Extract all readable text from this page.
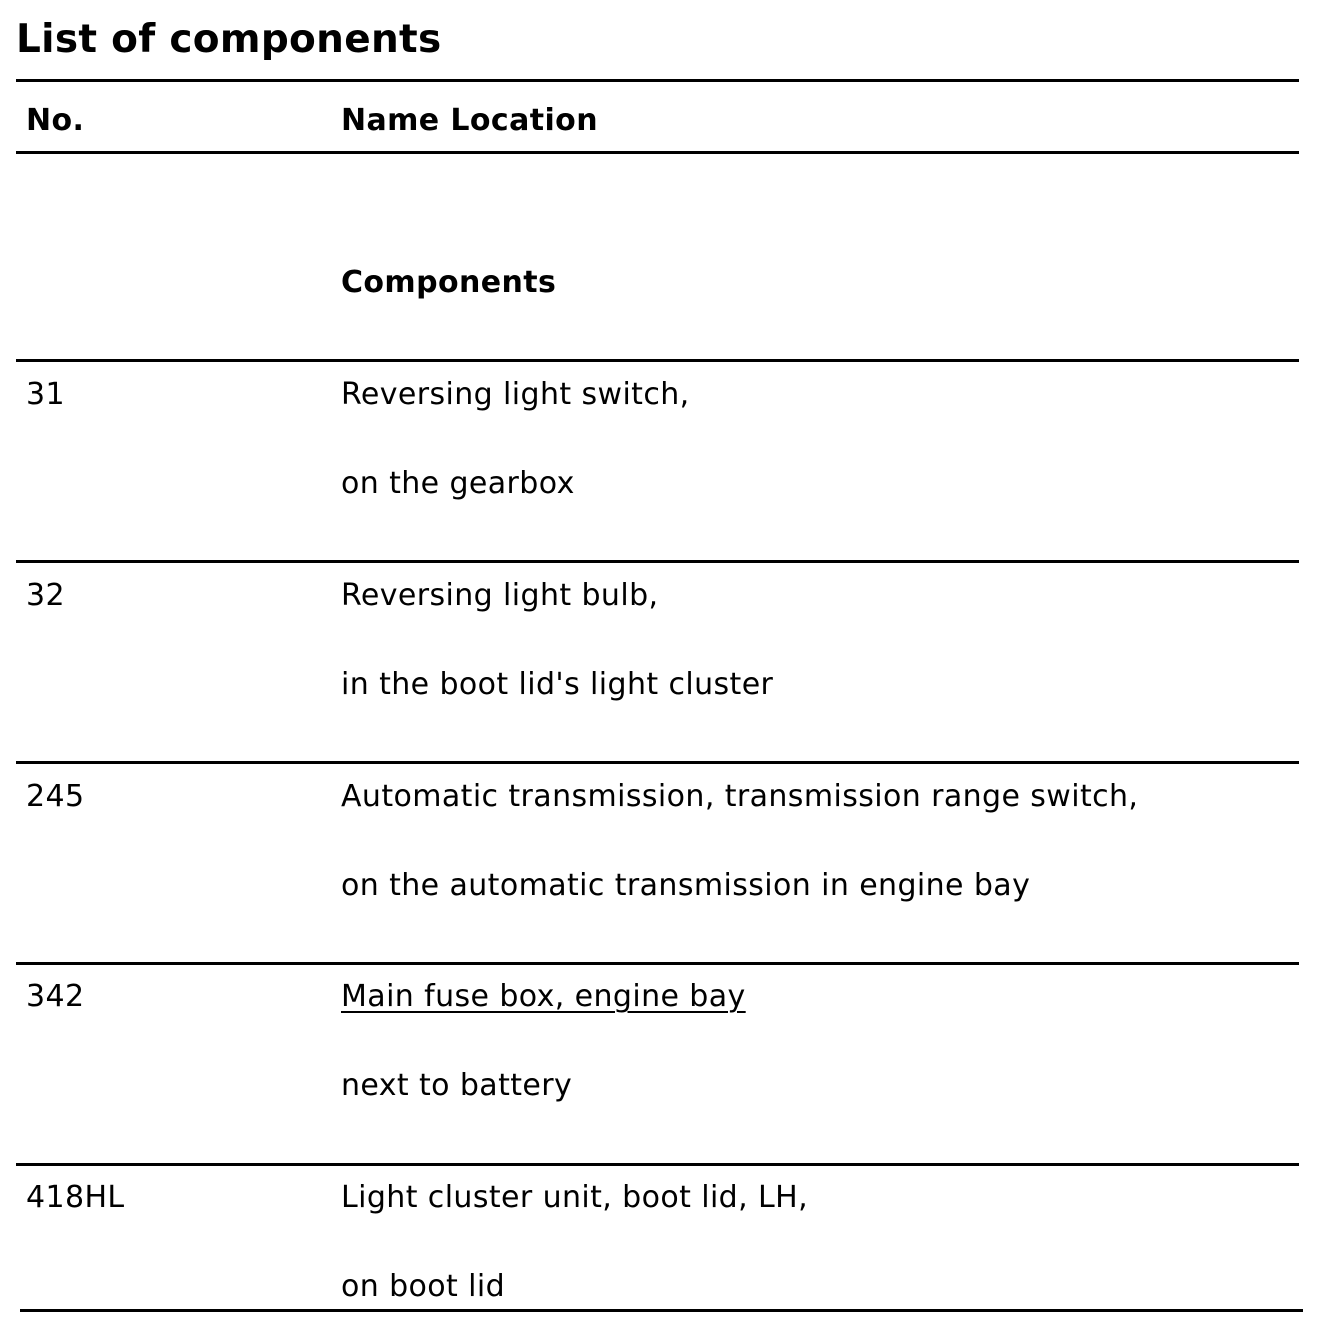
List of components
No.	Name Location
Components
31	Reversing light switch,
on the gearbox
32	Reversing light bulb,
in the boot lid's light cluster
245	Automatic transmission, transmission range switch,
on the automatic transmission in engine bay
342	Main fuse box, engine bay
next to battery
418HL	Light cluster unit, boot lid, LH,
on boot lid
